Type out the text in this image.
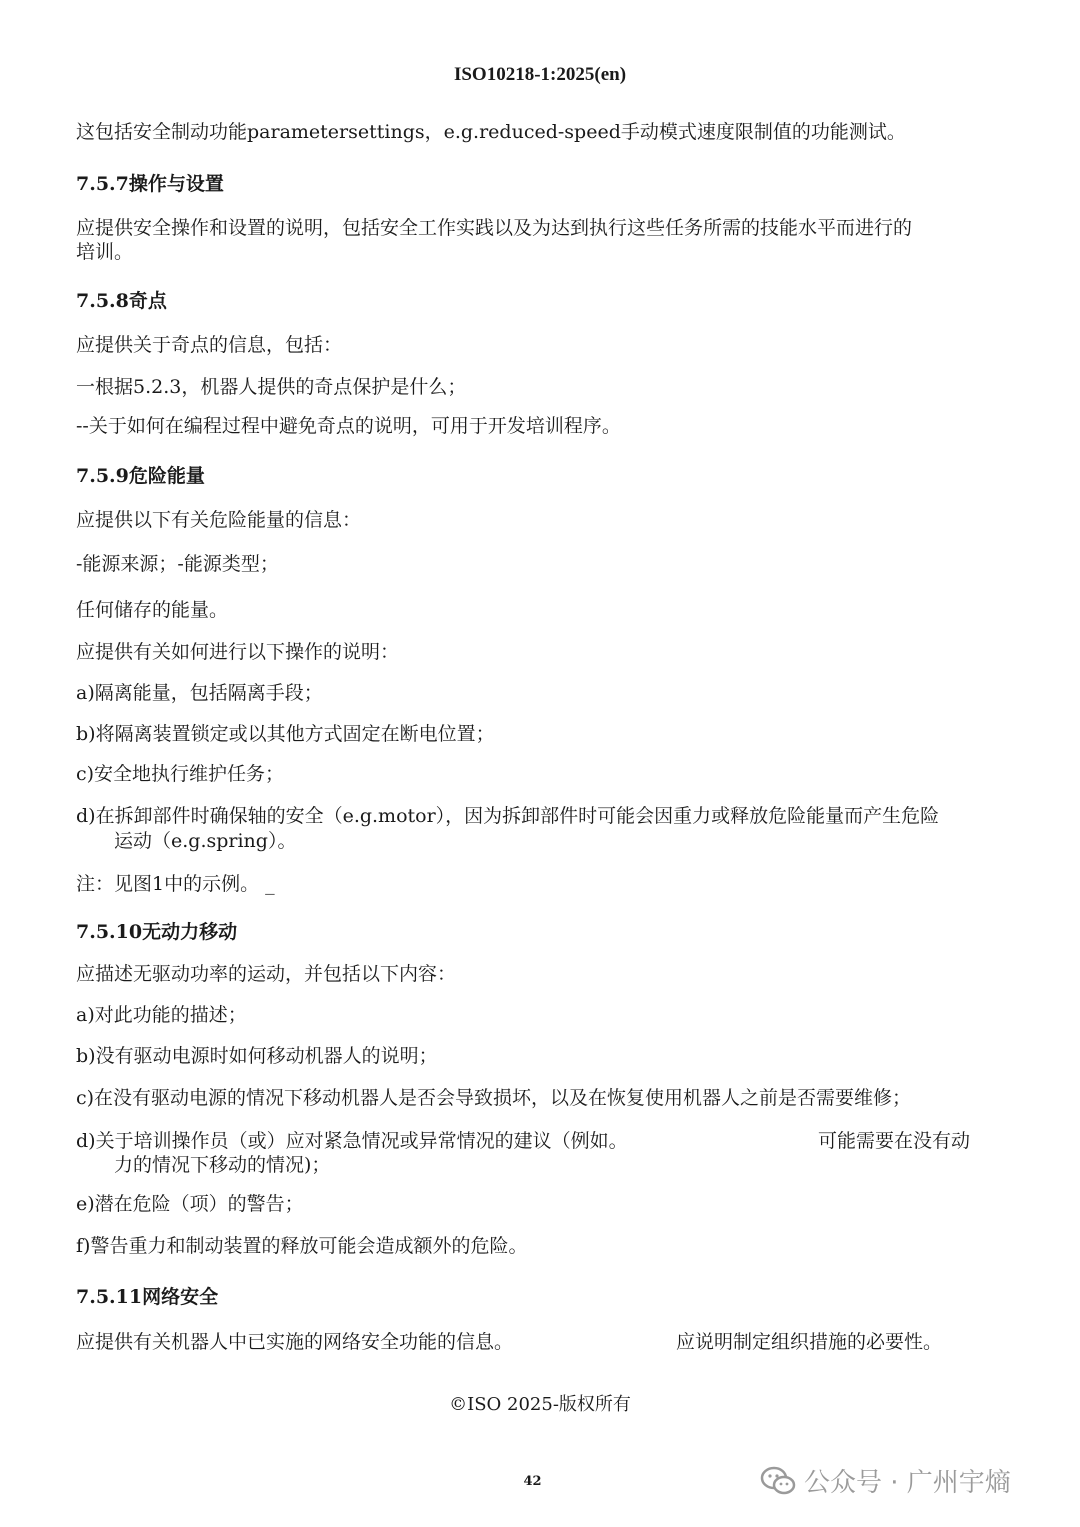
ISO10218-1:2025(en)
这包括安全制动功能parametersettings，e.g.reduced-speed手动模式速度限制值的功能测试。
7.5.7操作与设置
应提供安全操作和设置的说明，包括安全工作实践以及为达到执行这些任务所需的技能水平而进行的
培训。
7.5.8奇点
应提供关于奇点的信息，包括：
一根据5.2.3，机器人提供的奇点保护是什么；
--关于如何在编程过程中避免奇点的说明，可用于开发培训程序。
7.5.9危险能量
应提供以下有关危险能量的信息：
-能源来源；-能源类型；
任何储存的能量。
应提供有关如何进行以下操作的说明：
a)隔离能量，包括隔离手段；
b)将隔离装置锁定或以其他方式固定在断电位置；
c)安全地执行维护任务；
d)在拆卸部件时确保轴的安全（e.g.motor），因为拆卸部件时可能会因重力或释放危险能量而产生危险
运动（e.g.spring）。
注：见图1中的示例。 _
7.5.10无动力移动
应描述无驱动功率的运动，并包括以下内容：
a)对此功能的描述；
b)没有驱动电源时如何移动机器人的说明；
c)在没有驱动电源的情况下移动机器人是否会导致损坏，以及在恢复使用机器人之前是否需要维修；
d)关于培训操作员（或）应对紧急情况或异常情况的建议（例如。	可能需要在没有动
力的情况下移动的情况)；
e)潜在危险（项）的警告；
f)警告重力和制动装置的释放可能会造成额外的危险。
7.5.11网络安全
应提供有关机器人中已实施的网络安全功能的信息。	应说明制定组织措施的必要性。
©ISO 2025-版权所有
42	公众号 · 广州宇熵
